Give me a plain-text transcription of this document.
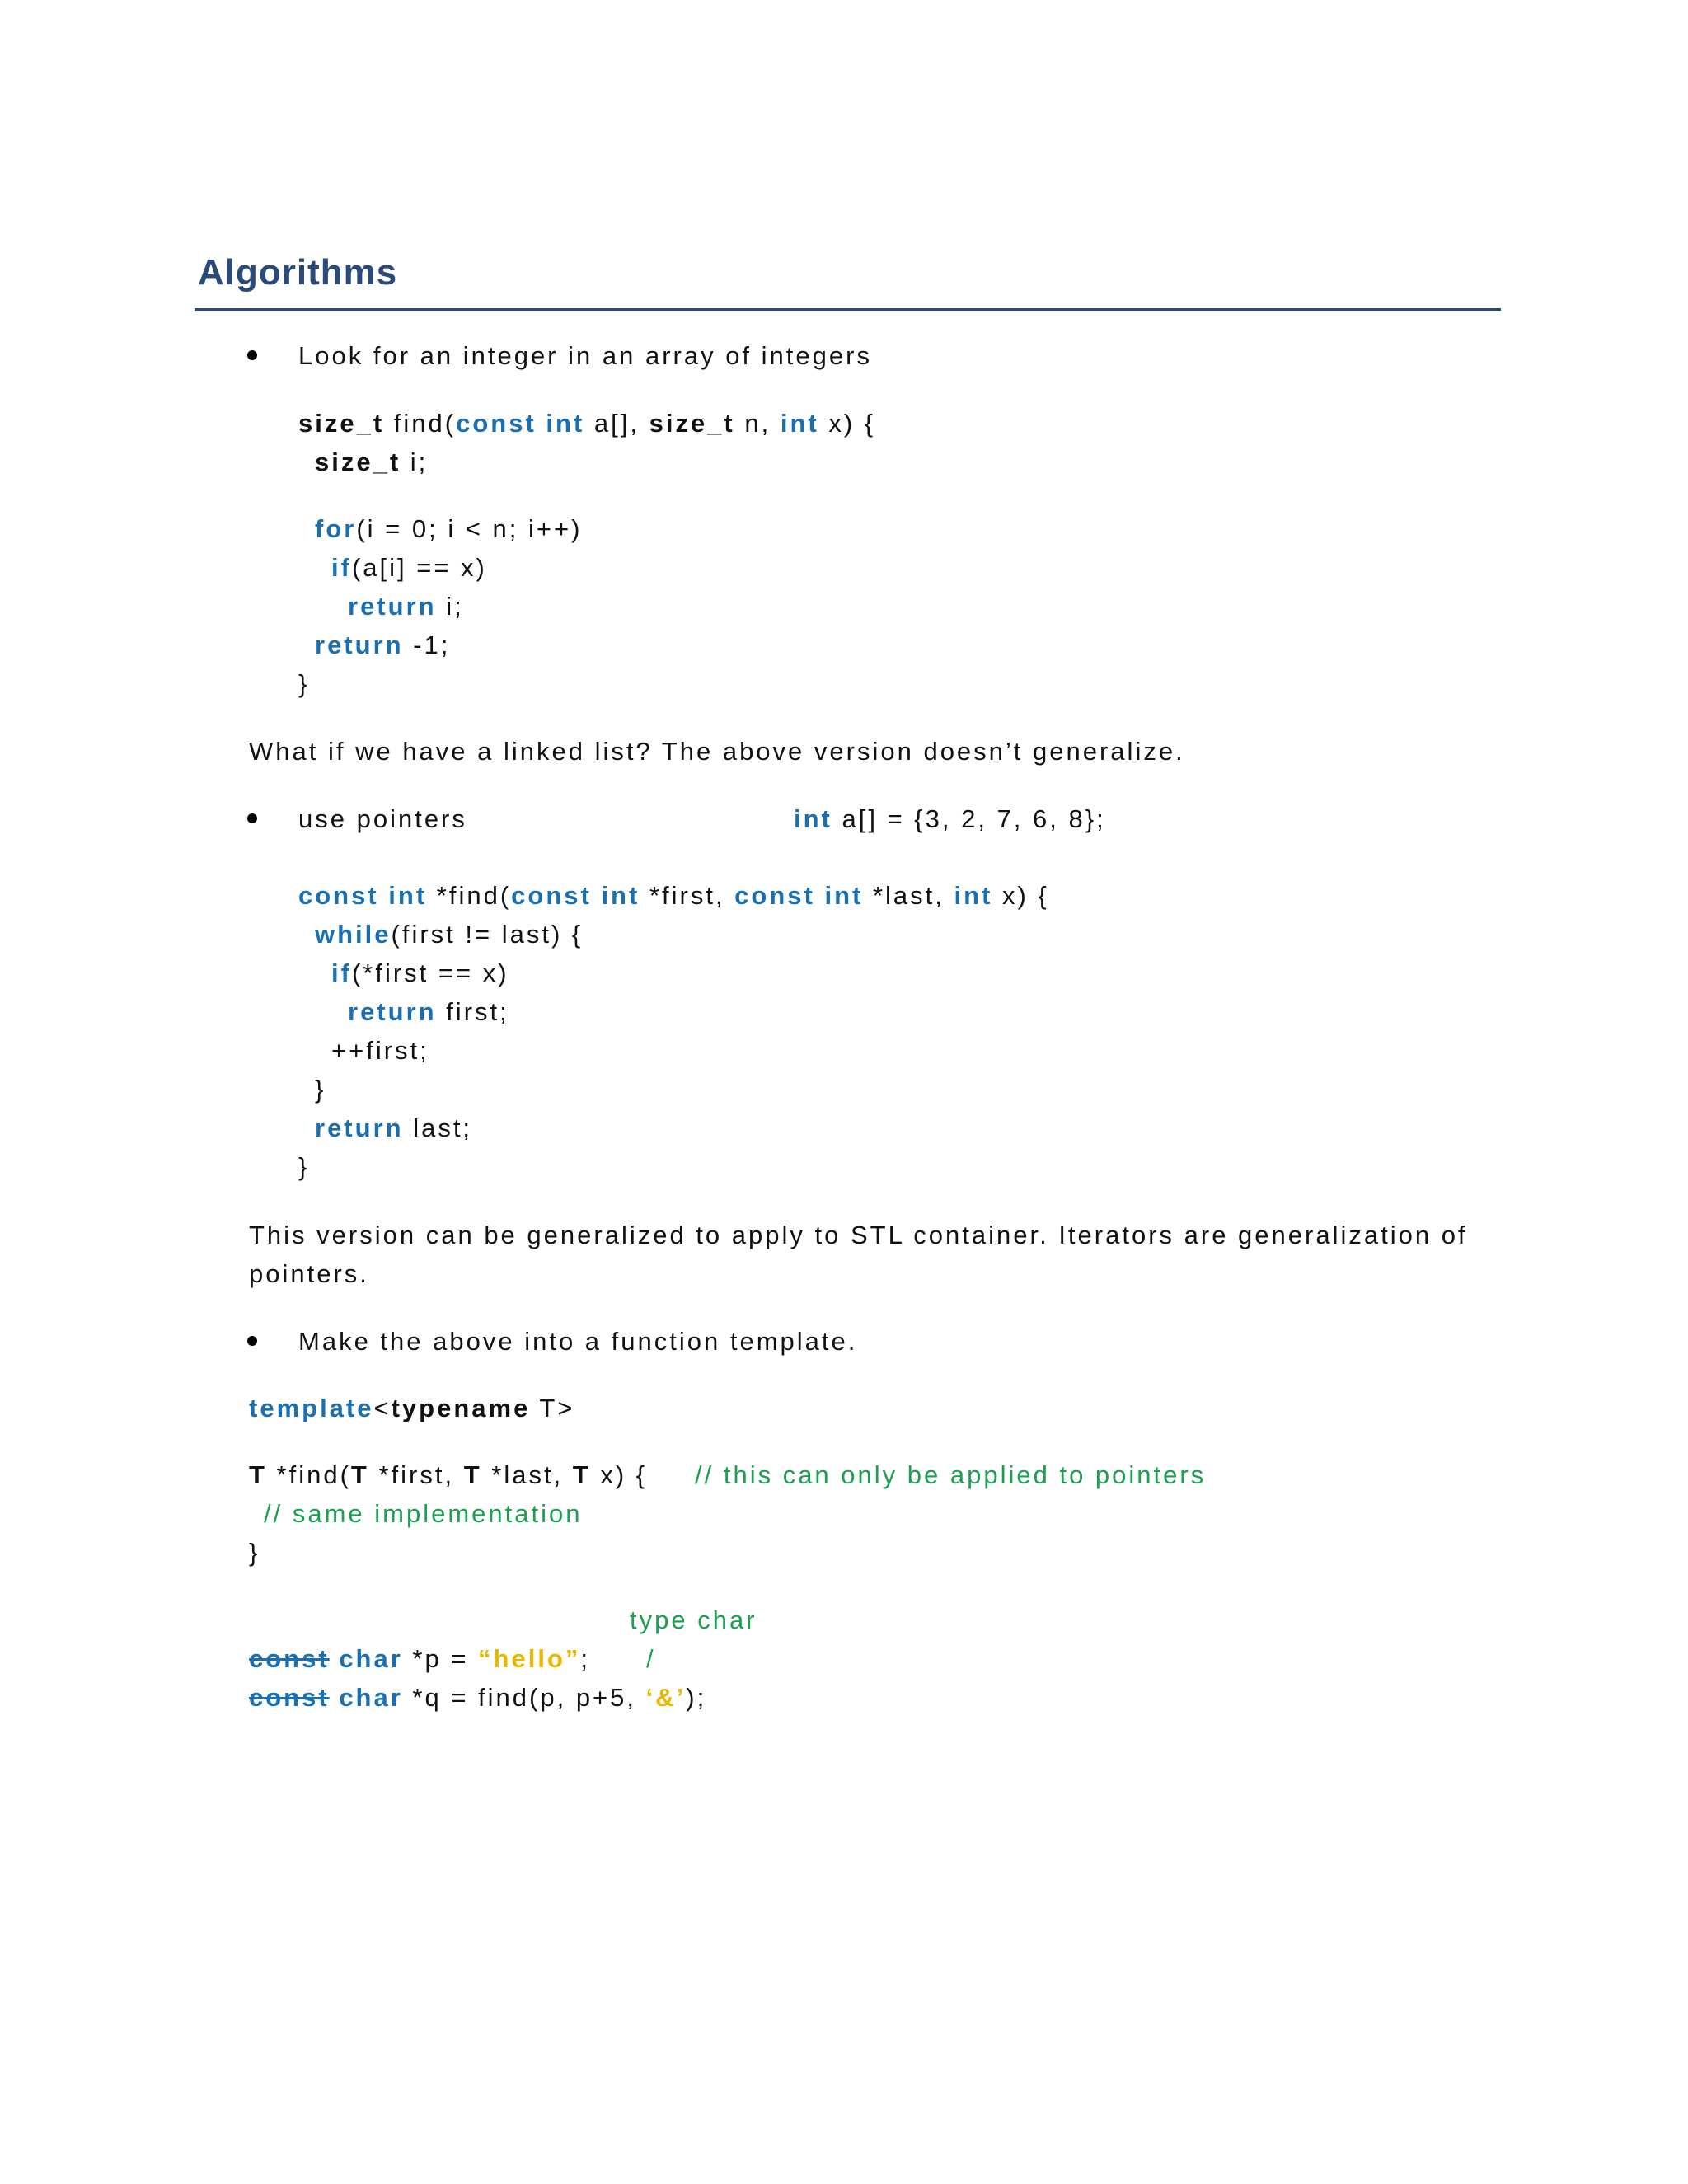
Algorithms
Look for an integer in an array of integers
size_t find(const int a[], size_t n, int x) {
size_t i;
for(i = 0; i < n; i++)
if(a[i] == x)
return i;
return -1;
}
What if we have a linked list? The above version doesn’t generalize.
use pointers	int a[] = {3, 2, 7, 6, 8};
const int *find(const int *first, const int *last, int x) {
while(first != last) {
if(*first == x)
return first;
++first;
}
return last;
}
This version can be generalized to apply to STL container. Iterators are generalization of
pointers.
Make the above into a function template.
template<typename T>
T *find(T *first, T *last, T x) { // this can only be applied to pointers
// same implementation
}
type char
/
const char *p = “hello”;
const char *q = find(p, p+5, ‘&’);
